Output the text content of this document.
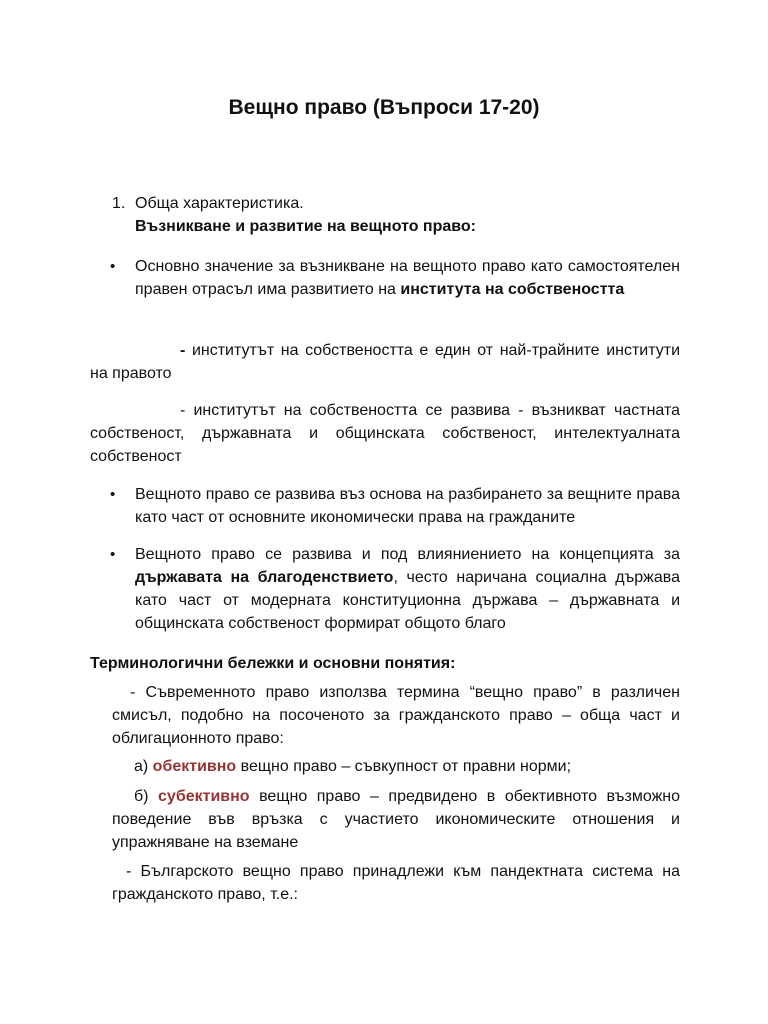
Вещно право (Въпроси 17-20)
1. Обща характеристика.
Възникване и развитие на вещното право:
• Основно значение за възникване на вещното право като самостоятелен правен отрасъл има развитието на института на собствеността
- институтът на собствеността е един от най-трайните институти на правото
- институтът на собствеността се развива - възникват частната собственост, държавната и общинската собственост, интелектуалната собственост
• Вещното право се развива въз основа на разбирането за вещните права като част от основните икономически права на гражданите
• Вещното право се развива и под влияниението на концепцията за държавата на благоденствието, често наричана социална държава като част от модерната конституционна държава – държавната и общинската собственост формират общото благо
Терминологични бележки и основни понятия:
- Съвременното право използва термина “вещно право” в различен смисъл, подобно на посоченото за гражданското право – обща част и облигационното право:
а) обективно вещно право – съвкупност от правни норми;
б) субективно вещно право – предвидено в обективното възможно поведение във връзка с участието икономическите отношения и упражняване на вземане
- Българското вещно право принадлежи към пандектната система на гражданското право, т.е.:
